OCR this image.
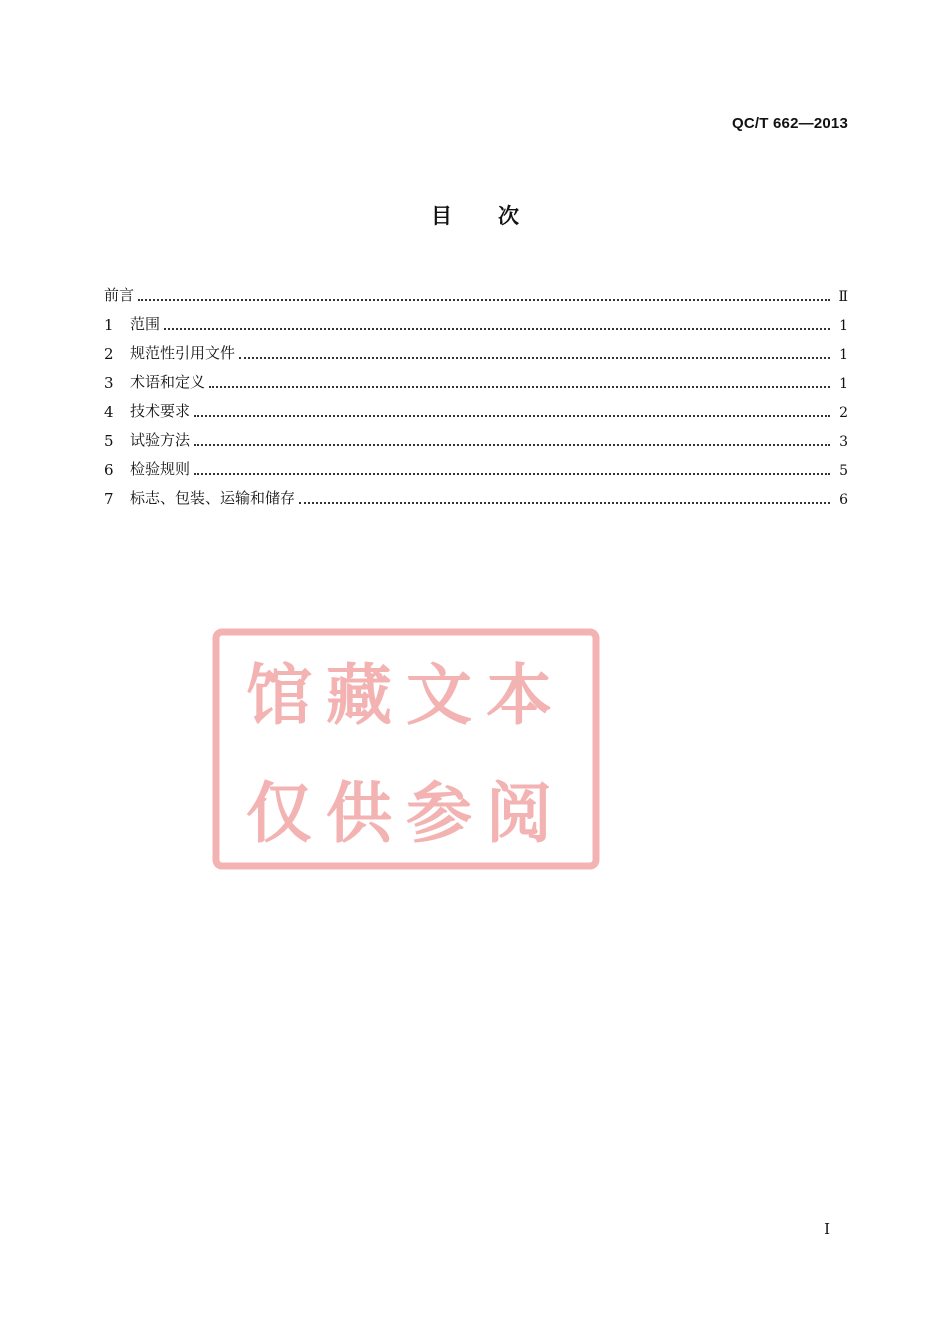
QC/T 662—2013
目 次
前言	Ⅱ
1	范围	1
2	规范性引用文件	1
3	术语和定义	1
4	技术要求	2
5	试验方法	3
6	检验规则	5
7	标志、包装、运输和储存	6
馆藏文本
仅供参阅
I
